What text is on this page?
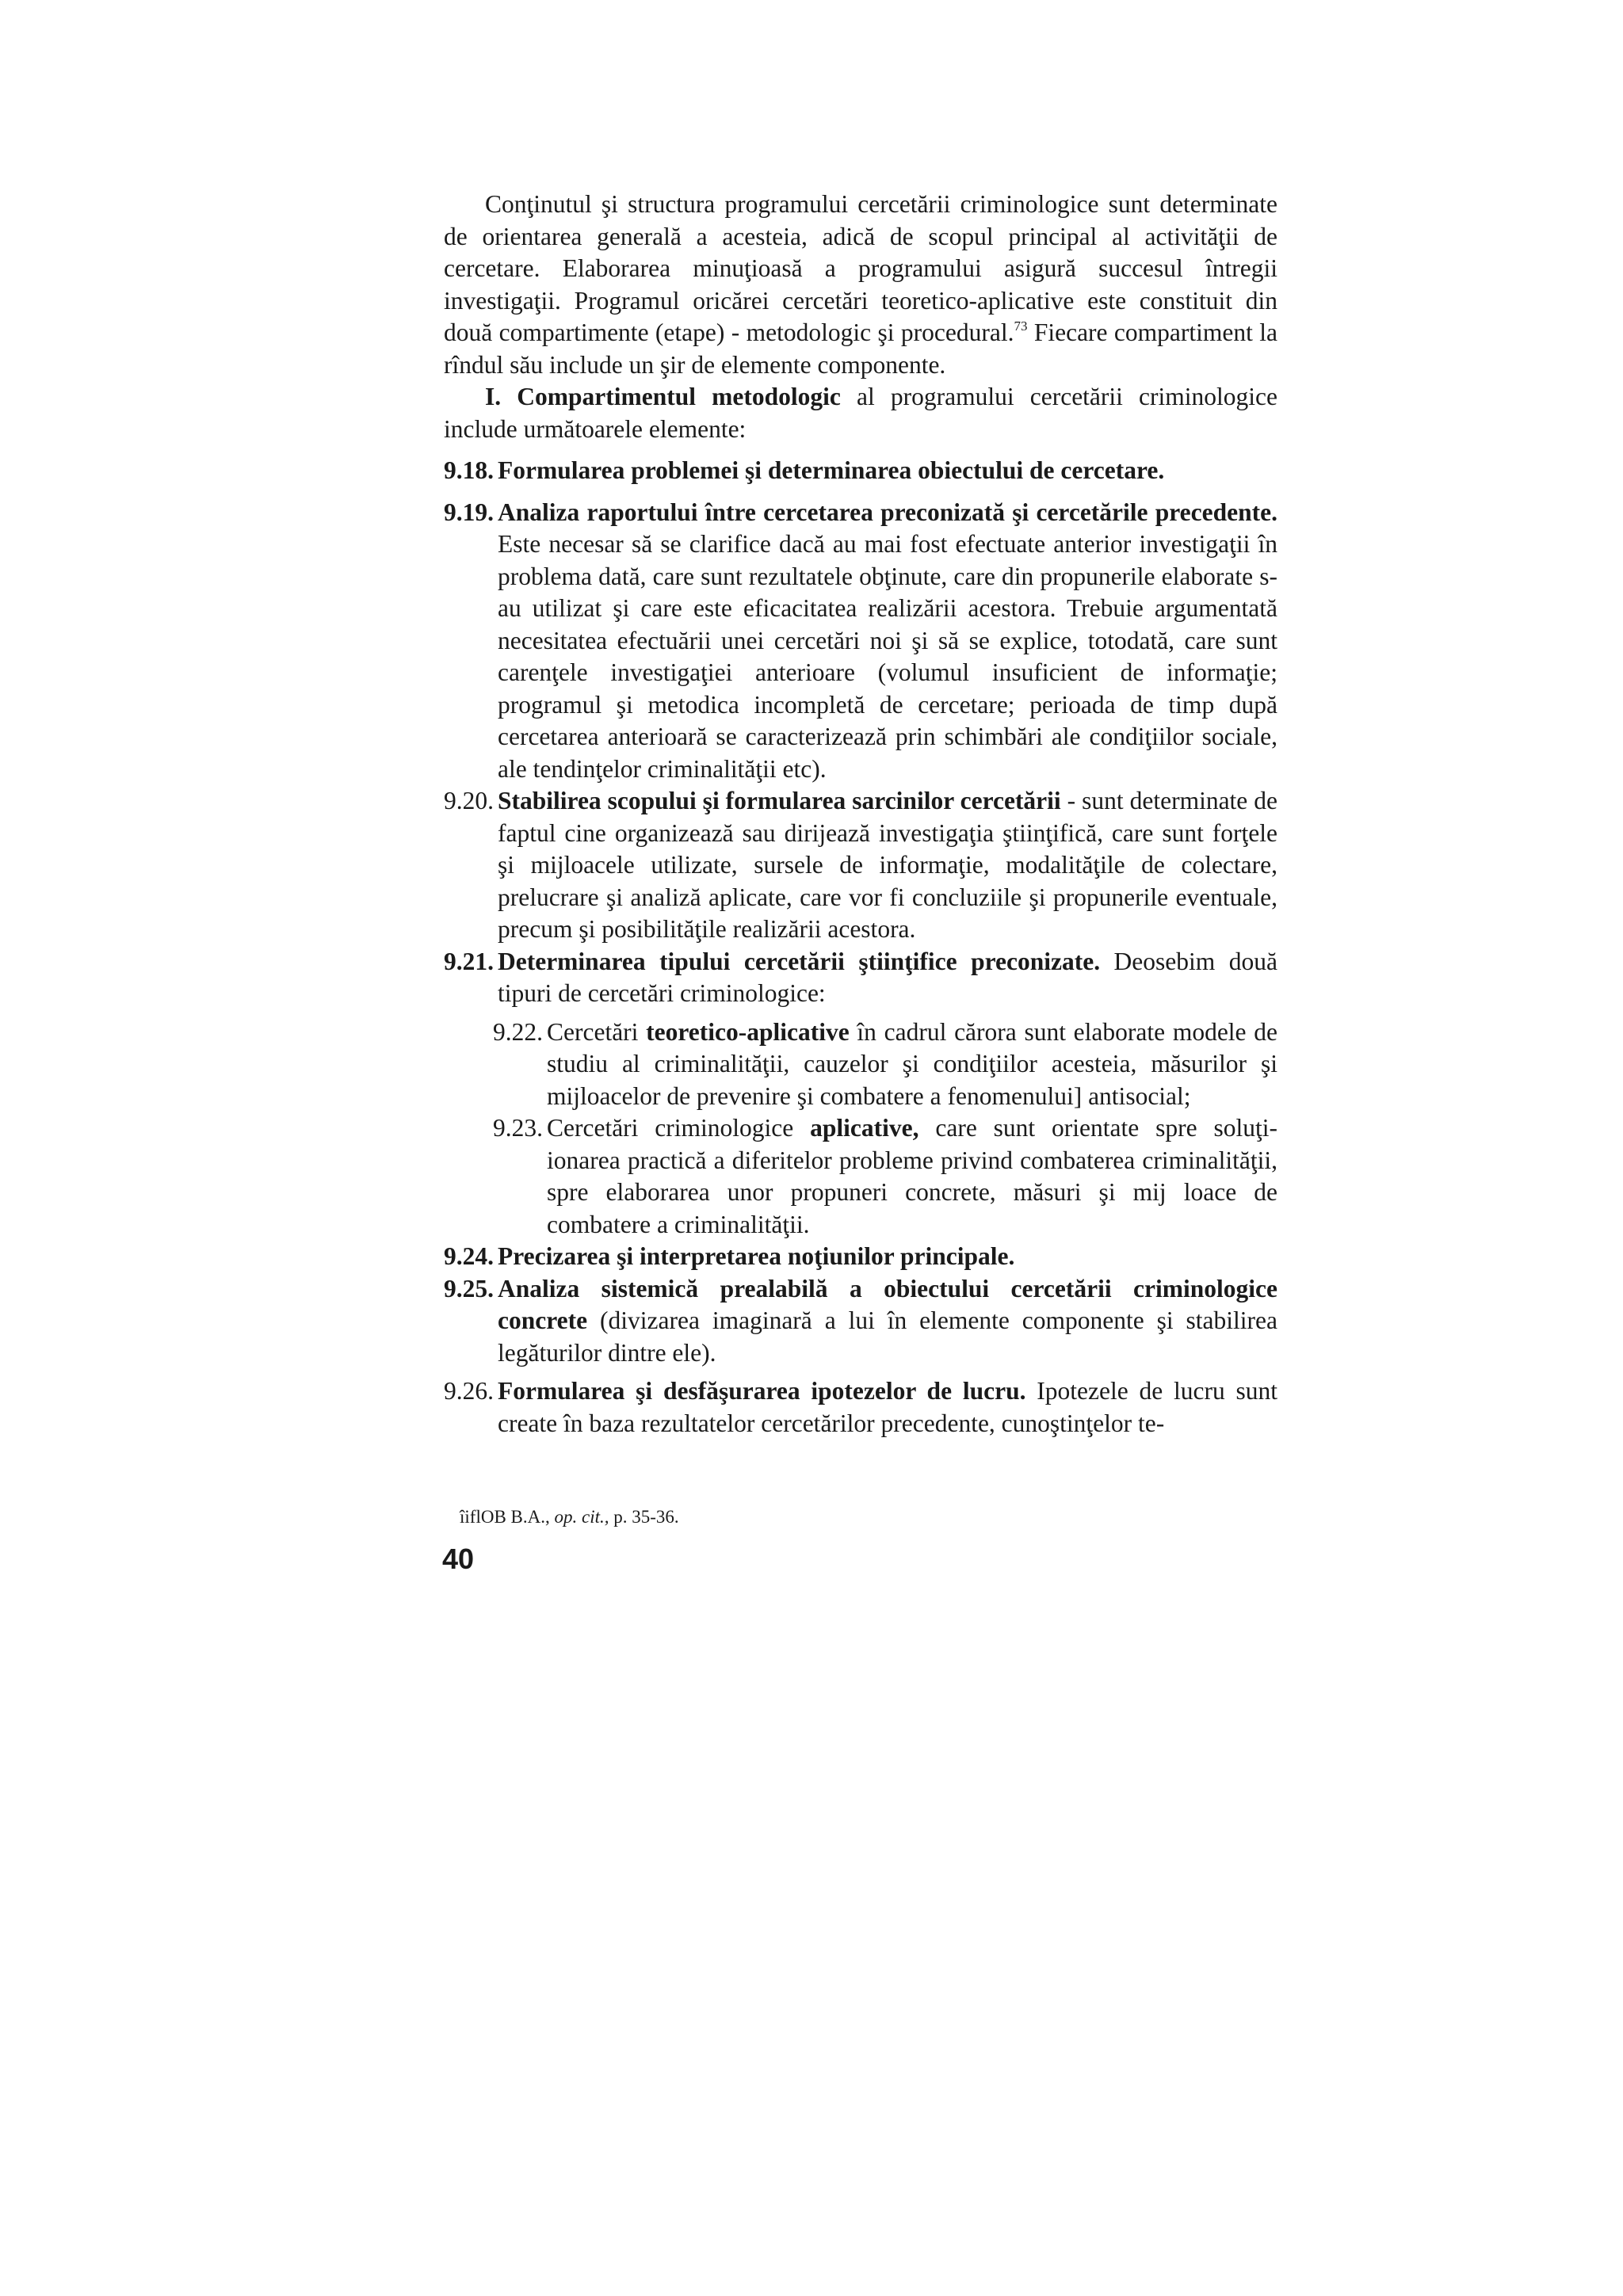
Conţinutul şi structura programului cercetării criminologice sunt determinate de orientarea generală a acesteia, adică de scopul principal al activităţii de cercetare. Elaborarea minuţioasă a programului asigură succesul întregii investigaţii. Programul oricărei cercetări teoretico-aplicative este constituit din două compartimente (etape) - metodologic şi procedural.$^{73}$ Fiecare compartiment la rîndul său include un şir de elemente componente.

I. Compartimentul metodologic al programului cercetării criminologice include următoarele elemente:

9.18. Formularea problemei şi determinarea obiectului de cercetare.

9.19. Analiza raportului între cercetarea preconizată şi cercetările precedente. Este necesar să se clarifice dacă au mai fost efectuate anterior investigaţii în problema dată, care sunt rezultatele obţinute, care din propunerile elaborate s-au utilizat şi care este eficacitatea realizării acestora. Trebuie argumentată necesitatea efectuării unei cercetări noi şi să se explice, totodată, care sunt carenţele investigaţiei anterioare (volumul insuficient de informaţie; programul şi metodica incompletă de cercetare; perioada de timp după cercetarea anterioară se caracterizează prin schimbări ale condiţiilor sociale, ale tendinţelor criminalităţii etc).

9.20. Stabilirea scopului şi formularea sarcinilor cercetării - sunt determinate de faptul cine organizează sau dirijează investigaţia ştiinţifică, care sunt forţele şi mijloacele utilizate, sursele de informaţie, modalităţile de colectare, prelucrare şi analiză aplicate, care vor fi concluziile şi propunerile eventuale, precum şi posibilităţile realizării acestora.

9.21. Determinarea tipului cercetării ştiinţifice preconizate. Deosebim două tipuri de cercetări criminologice:

9.22. Cercetări teoretico-aplicative în cadrul cărora sunt elaborate modele de studiu al criminalităţii, cauzelor şi condiţiilor acesteia, măsurilor şi mijloacelor de prevenire şi combatere a fenomenului] antisocial;

9.23. Cercetări criminologice aplicative, care sunt orientate spre soluţi-ionarea practică a diferitelor probleme privind combaterea criminalităţii, spre elaborarea unor propuneri concrete, măsuri şi mij loace de combatere a criminalităţii.

9.24. Precizarea şi interpretarea noţiunilor principale.

9.25. Analiza sistemică prealabilă a obiectului cercetării criminologice concrete (divizarea imaginară a lui în elemente componente şi stabilirea legăturilor dintre ele).

9.26. Formularea şi desfăşurarea ipotezelor de lucru. Ipotezele de lucru sunt create în baza rezultatelor cercetărilor precedente, cunoştinţelor te-

îiflOB B.A., op. cit., p. 35-36.
40
